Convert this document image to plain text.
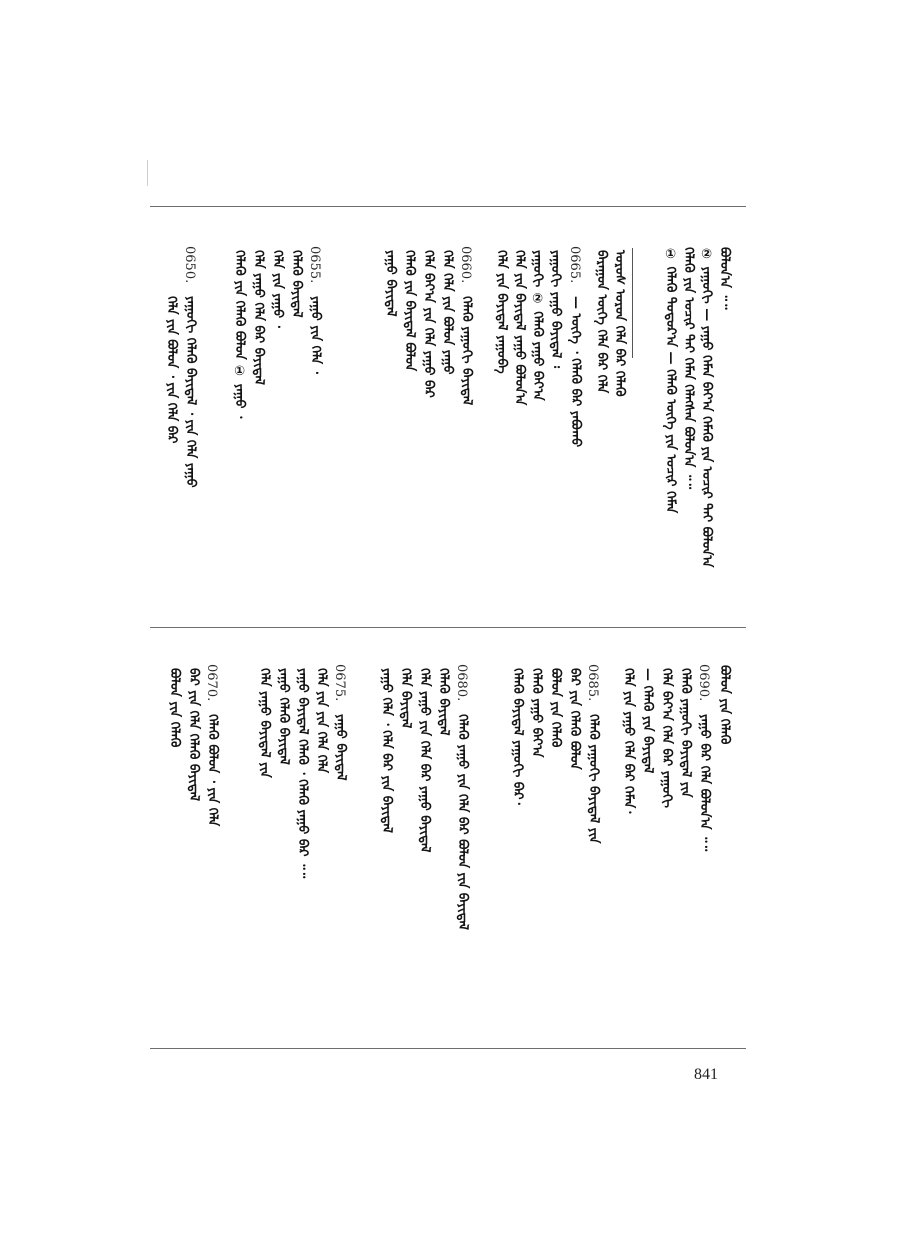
ᠪᠣᠯᠤᠨ᠎ᠠ ᠃᠃
② ᠶᠠᠭᠤᠬᠢ — ᠶᠠᠭᠤ ᠬᠡᠮᠡᠨ ᠪᠠᠶ᠎ᠠ ᠬᠡᠮᠡᠬᠦ ᠶᠢᠨ ᠤᠴᠢᠷ ᠲᠠᠶ ᠪᠣᠯᠤᠨ᠎ᠠ
ᠬᠡᠯᠡᠬᠦ ᠶᠢᠨ ᠤᠴᠢᠷ ᠲᠠᠶ ᠬᠡᠮᠡᠨ ᠬᠡᠯᠡᠭᠰᠡᠨ ᠪᠣᠯᠤᠨ᠎ᠠ ᠃᠃
① ᠬᠡᠯᠡᠬᠦ ᠳᠣᠲᠣᠷ᠎ᠠ — ᠬᠡᠯᠡᠬᠦ ᠦᠭᠡ ᠶᠢᠨ ᠤᠴᠢᠷ ᠬᠡᠮᠡᠨ
ᠣᠷᠣᠰ ᠣᠷᠣᠨ ᠬᠡᠯᠡ ᠪᠡᠷ ᠬᠡᠯᠡᠬᠦ
ᠪᠠᠷᠠᠭᠤᠨ ᠦᠭᠡ ᠬᠡᠯᠡ ᠪᠡᠷ ᠬᠡᠯᠡ
0665.
— ᠦᠭᠡ ᠂ ᠬᠡᠯᠡᠬᠦ ᠪᠡᠷ ᠶᠠᠪᠤᠬᠤ
ᠶᠠᠭᠤᠬᠢ ᠶᠠᠭᠤ ᠪᠠᠶᠢᠳᠠᠯ ᠄
ᠶᠠᠭᠤᠬᠢ ② ᠬᠡᠯᠡᠬᠦ ᠶᠠᠭᠤ ᠪᠠᠶ᠎ᠠ
ᠬᠡᠯᠡ ᠶᠢᠨ ᠪᠠᠶᠢᠳᠠᠯ ᠶᠠᠭᠤ ᠪᠣᠯᠤᠨ᠎ᠠ
ᠬᠡᠯᠡ ᠶᠢᠨ ᠪᠠᠶᠢᠳᠠᠯ ᠶᠠᠭᠤᠪᠠ
0660.
ᠬᠡᠯᠡᠬᠦ ᠶᠠᠭᠤᠬᠢ ᠪᠠᠶᠢᠳᠠᠯ
ᠬᠡᠯᠡ ᠬᠡᠯᠡ ᠶᠢᠨ ᠪᠣᠯᠤᠨ ᠶᠠᠭᠤ
ᠬᠡᠯᠡ ᠪᠠᠶ᠎ᠠ ᠶᠢᠨ ᠬᠡᠯᠡ ᠶᠠᠭᠤ ᠪᠡᠷ
ᠬᠡᠯᠡᠬᠦ ᠶᠢᠨ ᠪᠠᠶᠢᠳᠠᠯ ᠪᠣᠯᠤᠨ
ᠶᠠᠭᠤ ᠪᠠᠶᠢᠳᠠᠯ
0655.
ᠶᠠᠭᠤ ᠶᠢᠨ ᠬᠡᠯᠡ ᠂
ᠬᠡᠯᠡᠬᠦ ᠪᠠᠶᠢᠳᠠᠯ
ᠬᠡᠯᠡ ᠶᠢᠨ ᠶᠠᠭᠤ ᠂
ᠬᠡᠯᠡ ᠶᠠᠭᠤ ᠬᠡᠯᠡ ᠪᠡᠷ ᠪᠠᠶᠢᠳᠠᠯ
ᠬᠡᠯᠡᠬᠦ ᠶᠢᠨ ᠬᠡᠯᠡᠬᠦ ᠪᠣᠯᠤᠨ ① ᠶᠠᠭᠤ ᠂
0650.
ᠶᠠᠭᠤᠬᠢ ᠬᠡᠯᠡᠬᠦ ᠪᠠᠶᠢᠳᠠᠯ ᠂ ᠶᠢᠨ ᠬᠡᠯᠡ ᠶᠠᠭᠤ
ᠬᠡᠯᠡ ᠶᠢᠨ ᠪᠣᠯᠤᠨ ᠂ ᠶᠢᠨ ᠬᠡᠯᠡ ᠪᠡᠷ
ᠪᠣᠯᠤᠨ ᠶᠢᠨ ᠬᠡᠯᠡᠬᠦ
0690.
ᠶᠠᠭᠤ ᠪᠡᠷ ᠬᠡᠯᠡ ᠪᠣᠯᠤᠨ᠎ᠠ ᠃᠃
ᠬᠡᠯᠡᠬᠦ ᠶᠠᠭᠤᠬᠢ ᠪᠠᠶᠢᠳᠠᠯ ᠶᠢᠨ
ᠬᠡᠯᠡ ᠪᠠᠶ᠎ᠠ ᠬᠡᠯᠡ ᠪᠡᠷ ᠶᠠᠭᠤᠬᠢ
— ᠬᠡᠯᠡᠬᠦ ᠶᠢᠨ ᠪᠠᠶᠢᠳᠠᠯ
ᠬᠡᠯᠡ ᠶᠢᠨ ᠶᠠᠭᠤ ᠬᠡᠯᠡ ᠪᠡᠷ ᠬᠡᠮᠡᠨ᠂
0685.
ᠬᠡᠯᠡᠬᠦ ᠶᠠᠭᠤᠬᠢ ᠪᠠᠶᠢᠳᠠᠯ ᠶᠢᠨ
ᠪᠡᠷ ᠶᠢᠨ ᠬᠡᠯᠡᠬᠦ ᠪᠣᠯᠤᠨ
ᠪᠣᠯᠤᠨ ᠶᠢᠨ ᠬᠡᠯᠡᠬᠦ
ᠬᠡᠯᠡᠬᠦ ᠶᠠᠭᠤ ᠪᠠᠶ᠎ᠠ
ᠬᠡᠯᠡᠬᠦ ᠪᠠᠶᠢᠳᠠᠯ ᠶᠠᠭᠤᠬᠢ ᠪᠡᠷ᠂
0680.
ᠬᠡᠯᠡᠬᠦ ᠶᠠᠭᠤ ᠶᠢᠨ ᠬᠡᠯᠡ ᠪᠡᠷ ᠪᠣᠯᠤᠨ ᠶᠢᠨ ᠪᠠᠶᠢᠳᠠᠯ
ᠬᠡᠯᠡᠬᠦ ᠪᠠᠶᠢᠳᠠᠯ
ᠬᠡᠯᠡ ᠶᠠᠭᠤ ᠶᠢᠨ ᠬᠡᠯᠡ ᠪᠡᠷ ᠶᠠᠭᠤ ᠪᠠᠶᠢᠳᠠᠯ
ᠬᠡᠯᠡ ᠪᠠᠶᠢᠳᠠᠯ
ᠶᠠᠭᠤ ᠬᠡᠯᠡ ᠂ ᠬᠡᠯᠡ ᠪᠡᠷ ᠶᠢᠨ ᠪᠠᠶᠢᠳᠠᠯ
0675.
ᠶᠠᠭᠤ ᠪᠠᠶᠢᠳᠠᠯ
ᠬᠡᠯᠡ ᠶᠢᠨ ᠶᠢᠨ ᠬᠡᠯᠡ ᠬᠡᠯᠡ
ᠶᠠᠭᠤ ᠪᠠᠶᠢᠳᠠᠯ ᠬᠡᠯᠡᠬᠦ ᠂ ᠬᠡᠯᠡᠬᠦ ᠶᠠᠭᠤ ᠪᠡᠷ ᠃᠃
ᠶᠠᠭᠤ ᠬᠡᠯᠡᠬᠦ ᠪᠠᠶᠢᠳᠠᠯ
ᠬᠡᠯᠡ ᠶᠠᠭᠤ ᠪᠠᠶᠢᠳᠠᠯ ᠶᠢᠨ
0670.
ᠬᠡᠯᠡᠬᠦ ᠪᠣᠯᠤᠨ ᠂ ᠶᠢᠨ ᠬᠡᠯᠡ
ᠪᠡᠷ ᠶᠢᠨ ᠬᠡᠯᠡ ᠬᠡᠯᠡᠬᠦ ᠪᠠᠶᠢᠳᠠᠯ
ᠪᠣᠯᠤᠨ ᠶᠢᠨ ᠬᠡᠯᠡᠬᠦ
841
